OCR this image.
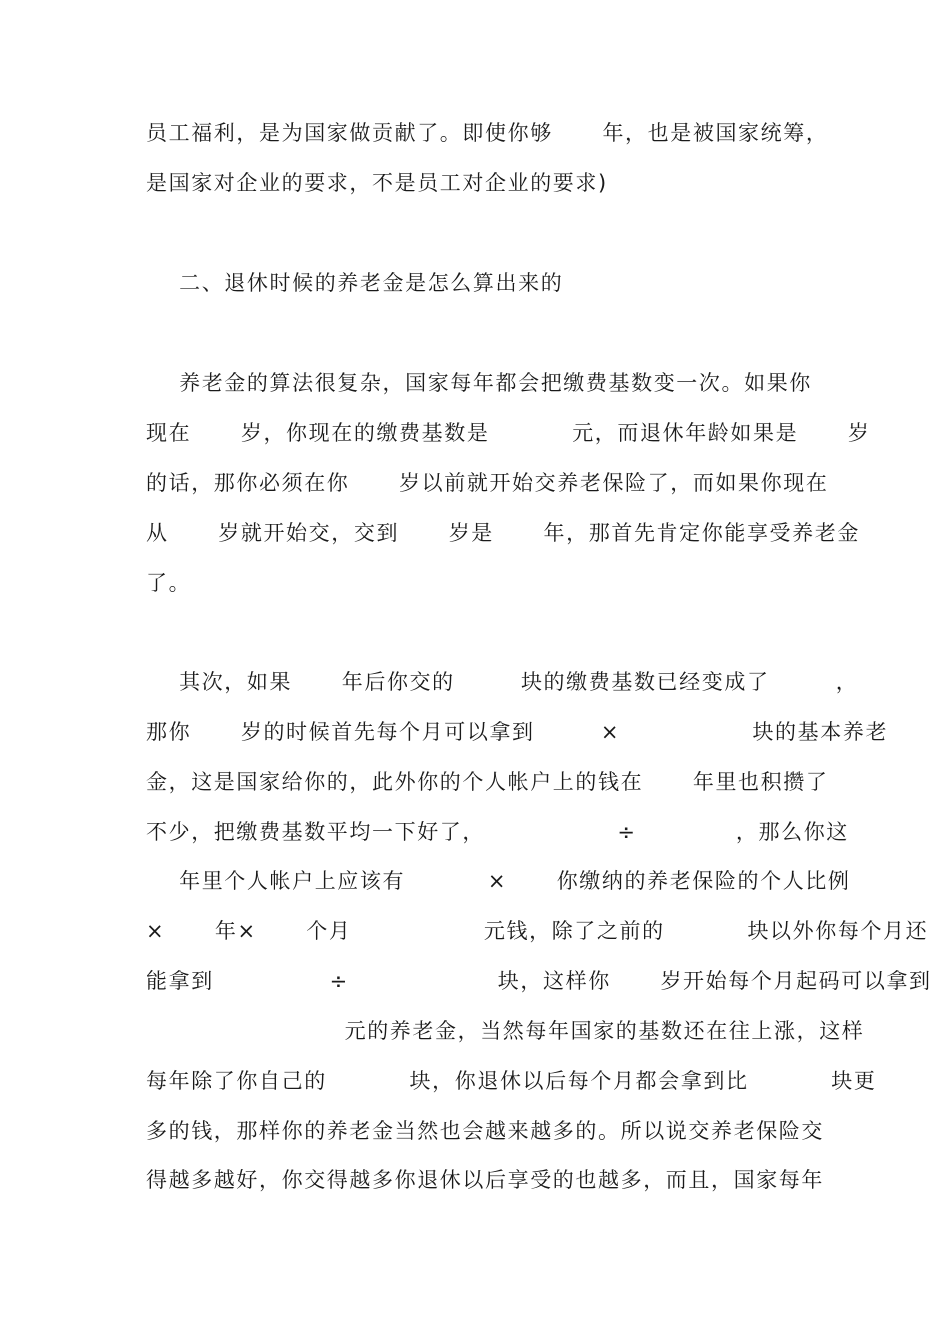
员工福利，是为国家做贡献了。即使你够      年，也是被国家统筹，

是国家对企业的要求，不是员工对企业的要求)

二、退休时候的养老金是怎么算出来的

养老金的算法很复杂，国家每年都会把缴费基数变一次。如果你

现在      岁，你现在的缴费基数是          元，而退休年龄如果是      岁

的话，那你必须在你      岁以前就开始交养老保险了，而如果你现在

从      岁就开始交，交到      岁是      年，那首先肯定你能享受养老金

了。

其次，如果      年后你交的        块的缴费基数已经变成了        ，

那你      岁的时候首先每个月可以拿到        ×                块的基本养老

金，这是国家给你的，此外你的个人帐户上的钱在      年里也积攒了

不少，把缴费基数平均一下好了，                ÷            ，那么你这

年里个人帐户上应该有          ×      你缴纳的养老保险的个人比例

×      年×      个月                元钱，除了之前的          块以外你每个月还

能拿到              ÷                  块，这样你      岁开始每个月起码可以拿到

元的养老金，当然每年国家的基数还在往上涨，这样

每年除了你自己的          块，你退休以后每个月都会拿到比          块更

多的钱，那样你的养老金当然也会越来越多的。所以说交养老保险交

得越多越好，你交得越多你退休以后享受的也越多，而且，国家每年
